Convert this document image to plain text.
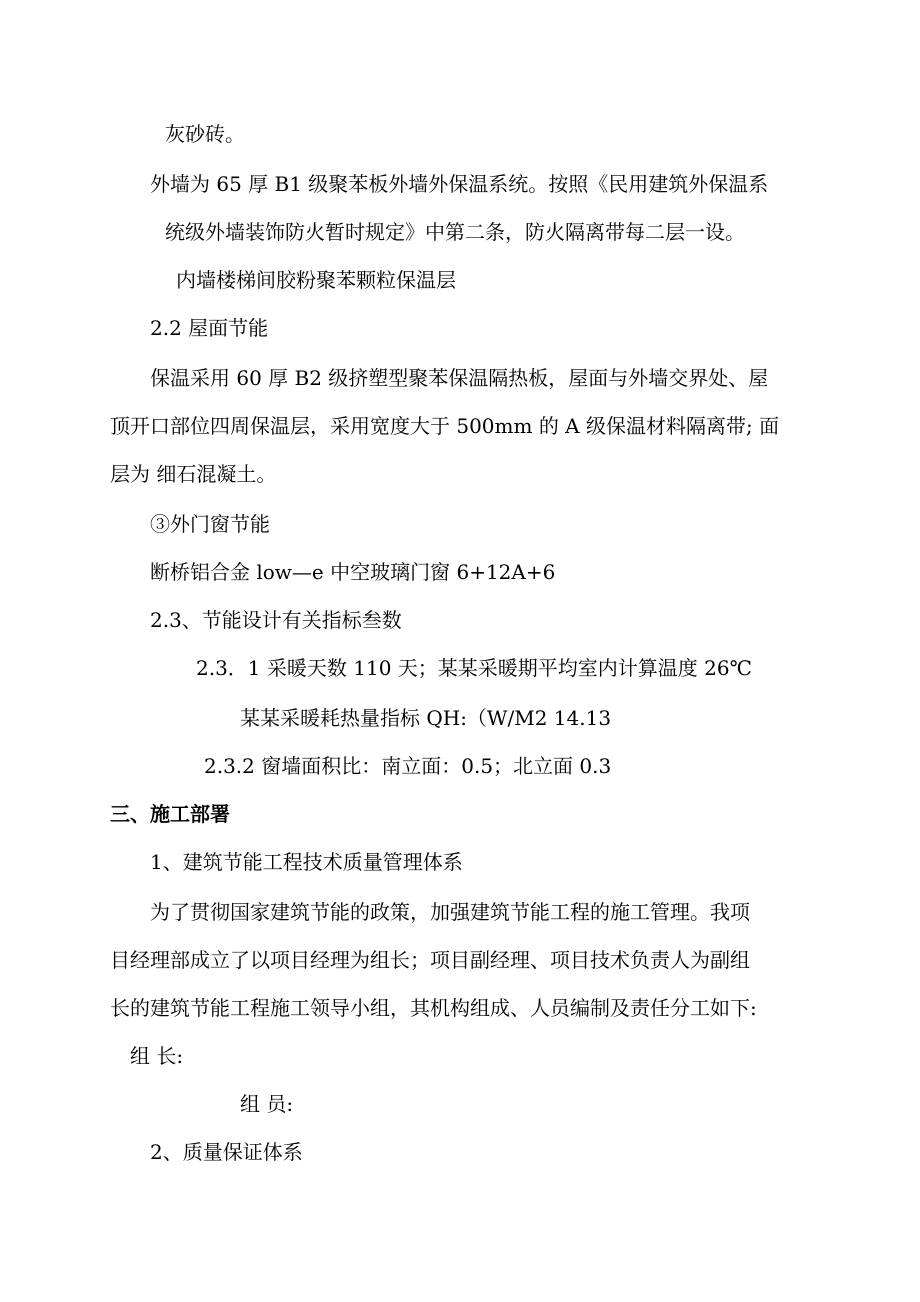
灰砂砖。
外墙为 65 厚 B1 级聚苯板外墙外保温系统。按照《民用建筑外保温系
统级外墙装饰防火暂时规定》中第二条，防火隔离带每二层一设。
内墙楼梯间胶粉聚苯颗粒保温层
2.2 屋面节能
保温采用 60 厚 B2 级挤塑型聚苯保温隔热板，屋面与外墙交界处、屋
顶开口部位四周保温层，采用宽度大于 500mm 的 A 级保温材料隔离带; 面
层为 细石混凝土。
③外门窗节能
断桥铝合金 low—e 中空玻璃门窗 6+12A+6
2.3、节能设计有关指标叁数
2.3．1 采暖天数 110 天；某某采暖期平均室内计算温度 26℃
某某采暖耗热量指标 QH:（W/M2 14.13
2.3.2 窗墙面积比：南立面：0.5；北立面 0.3
三、施工部署
1、建筑节能工程技术质量管理体系
为了贯彻国家建筑节能的政策，加强建筑节能工程的施工管理。我项
目经理部成立了以项目经理为组长；项目副经理、项目技术负责人为副组
长的建筑节能工程施工领导小组，其机构组成、人员编制及责任分工如下:
组 长:
组 员:
2、质量保证体系
